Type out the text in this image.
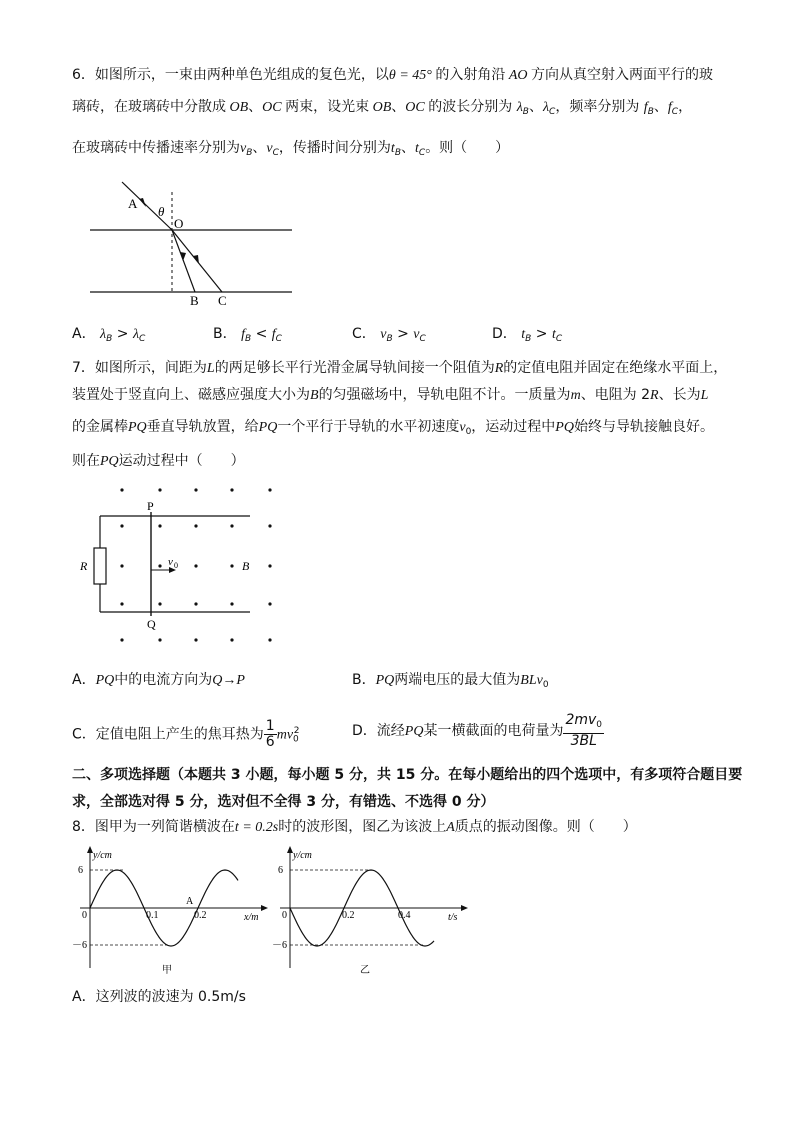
6．如图所示，一束由两种单色光组成的复色光，以θ = 45° 的入射角沿 AO 方向从真空射入两面平行的玻
璃砖，在玻璃砖中分散成 OB、OC 两束，设光束 OB、OC 的波长分别为 $\lambda_B$、$\lambda_C$，频率分别为 $f_B$、$f_C$，
在玻璃砖中传播速率分别为$v_B$、$v_C$，传播时间分别为$t_B$、$t_C$。则（　　）
A
θ
O
B C
A． $\lambda_B > \lambda_C$	B． $f_B < f_C$	C． $v_B > v_C$	D． $t_B > t_C$
7．如图所示，间距为L的两足够长平行光滑金属导轨间接一个阻值为R的定值电阻并固定在绝缘水平面上，
装置处于竖直向上、磁感应强度大小为B的匀强磁场中，导轨电阻不计。一质量为m、电阻为 2R、长为L
的金属棒PQ垂直导轨放置，给PQ一个平行于导轨的水平初速度$v_0$，运动过程中PQ始终与导轨接触良好。
则在PQ运动过程中（　　）
P
Q
R	v 0	B
A．PQ中的电流方向为Q→P	B．PQ两端电压的最大值为BLv$_0$
C．定值电阻上产生的焦耳热为 $\frac{1}{6} mv_0^2$	D．流经PQ某一横截面的电荷量为 $\frac{2mv_0}{3BL}$
二、多项选择题（本题共 3 小题，每小题 5 分，共 15 分。在每小题给出的四个选项中，有多项符合题目要
求，全部选对得 5 分，选对但不全得 3 分，有错选、不选得 0 分）
8．图甲为一列简谐横波在t = 0.2s时的波形图，图乙为该波上A质点的振动图像。则（　　）
y/cm
6
－6
0	0.1	0.2
A
x/m
甲
y/cm
6
－6
0	0.2	0.4	t/s
乙
A．这列波的波速为 0.5m/s
